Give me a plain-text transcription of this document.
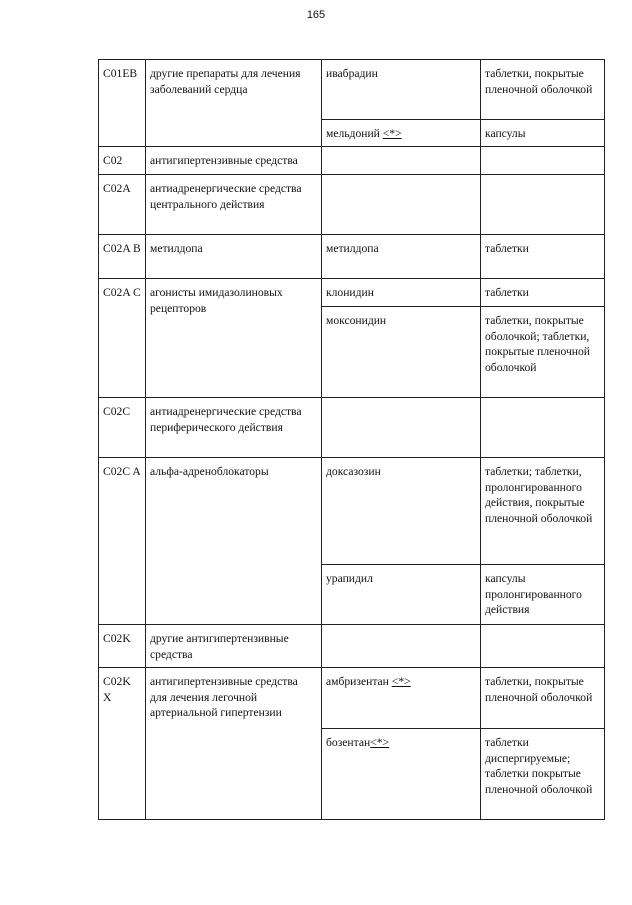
165
C01EB	другие препараты для лечения заболеваний сердца	ивабрадин	таблетки, покрытые пленочной оболочкой
		мельдоний <*>	капсулы
C02	антигипертензивные средства		
C02A	антиадренергические средства центрального действия		
C02A B	метилдопа	метилдопа	таблетки
C02A C	агонисты имидазолиновых рецепторов	клонидин	таблетки
		моксонидин	таблетки, покрытые оболочкой; таблетки, покрытые пленочной оболочкой
C02C	антиадренергические средства периферического действия		
C02C A	альфа-адреноблокаторы	доксазозин	таблетки; таблетки, пролонгированного действия, покрытые пленочной оболочкой
		урапидил	капсулы пролонгированного действия
C02K	другие антигипертензивные средства		
C02K X	антигипертензивные средства для лечения легочной артериальной гипертензии	амбризентан <*>	таблетки, покрытые пленочной оболочкой
		бозентан<*>	таблетки диспергируемые; таблетки покрытые пленочной оболочкой
